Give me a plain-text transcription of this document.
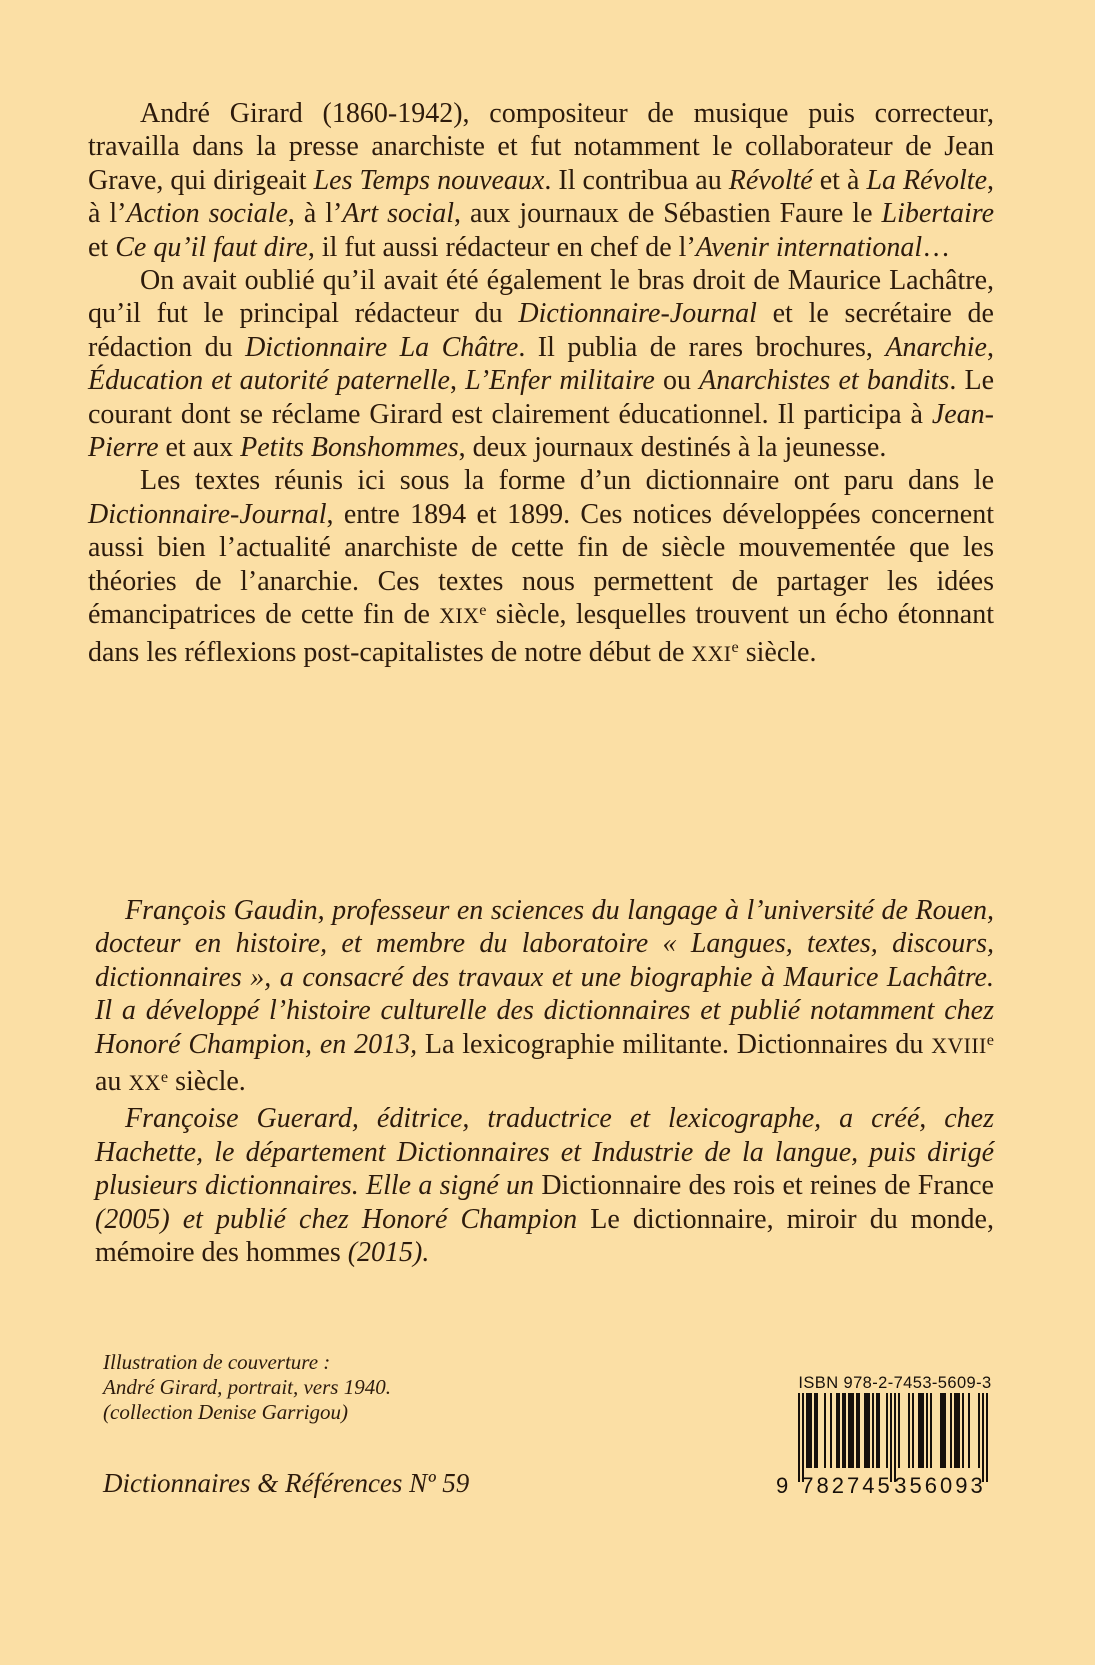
André Girard (1860-1942), compositeur de musique puis correcteur, travailla dans la presse anarchiste et fut notamment le collaborateur de Jean Grave, qui dirigeait Les Temps nouveaux. Il contribua au Révolté et à La Révolte, à l’Action sociale, à l’Art social, aux journaux de Sébastien Faure le Libertaire et Ce qu’il faut dire, il fut aussi rédacteur en chef de l’Avenir international…

On avait oublié qu’il avait été également le bras droit de Maurice Lachâtre, qu’il fut le principal rédacteur du Dictionnaire-Journal et le secrétaire de rédaction du Dictionnaire La Châtre. Il publia de rares brochures, Anarchie, Éducation et autorité paternelle, L’Enfer militaire ou Anarchistes et bandits. Le courant dont se réclame Girard est clairement éducationnel. Il participa à Jean-Pierre et aux Petits Bonshommes, deux journaux destinés à la jeunesse.

Les textes réunis ici sous la forme d’un dictionnaire ont paru dans le Dictionnaire-Journal, entre 1894 et 1899. Ces notices développées concernent aussi bien l’actualité anarchiste de cette fin de siècle mouvementée que les théories de l’anarchie. Ces textes nous permettent de partager les idées émancipatrices de cette fin de XIXe siècle, lesquelles trouvent un écho étonnant dans les réflexions post-capitalistes de notre début de XXIe siècle.

François Gaudin, professeur en sciences du langage à l’université de Rouen, docteur en histoire, et membre du laboratoire « Langues, textes, discours, dictionnaires », a consacré des travaux et une biographie à Maurice Lachâtre. Il a développé l’histoire culturelle des dictionnaires et publié notamment chez Honoré Champion, en 2013, La lexicographie militante. Dictionnaires du XVIIIe au XXe siècle.

Françoise Guerard, éditrice, traductrice et lexicographe, a créé, chez Hachette, le département Dictionnaires et Industrie de la langue, puis dirigé plusieurs dictionnaires. Elle a signé un Dictionnaire des rois et reines de France (2005) et publié chez Honoré Champion Le dictionnaire, miroir du monde, mémoire des hommes (2015).

Illustration de couverture :
André Girard, portrait, vers 1940.
(collection Denise Garrigou)
Dictionnaires & Références Nº 59
ISBN 978-2-7453-5609-3
9 782745 356093
